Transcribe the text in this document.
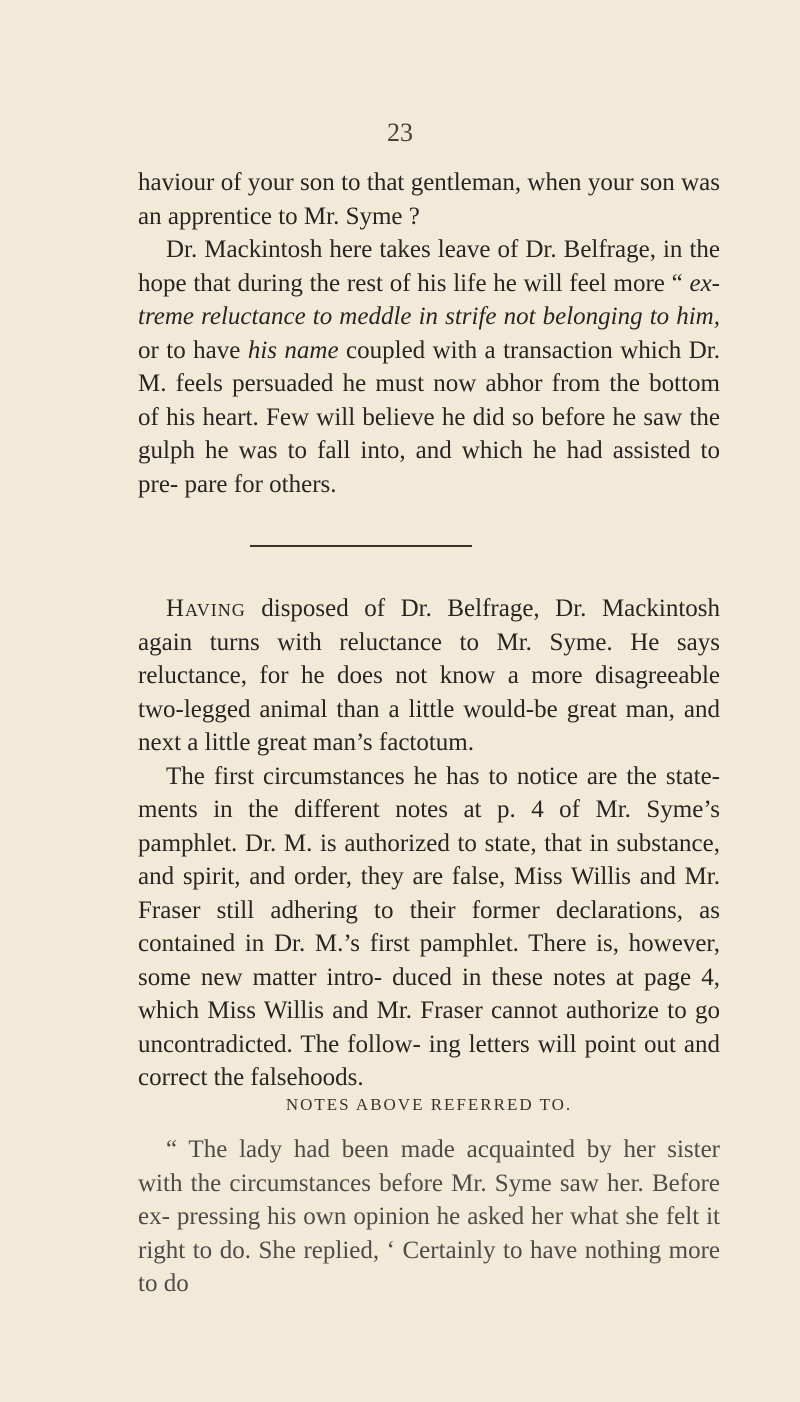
23

haviour of your son to that gentleman, when your son was an apprentice to Mr. Syme ?

Dr. Mackintosh here takes leave of Dr. Belfrage, in the hope that during the rest of his life he will feel more “ ex- treme reluctance to meddle in strife not belonging to him, or to have his name coupled with a transaction which Dr. M. feels persuaded he must now abhor from the bottom of his heart. Few will believe he did so before he saw the gulph he was to fall into, and which he had assisted to pre- pare for others.

Having disposed of Dr. Belfrage, Dr. Mackintosh again turns with reluctance to Mr. Syme. He says reluctance, for he does not know a more disagreeable two-legged animal than a little would-be great man, and next a little great man’s factotum.

The first circumstances he has to notice are the state- ments in the different notes at p. 4 of Mr. Syme’s pamphlet. Dr. M. is authorized to state, that in substance, and spirit, and order, they are false, Miss Willis and Mr. Fraser still adhering to their former declarations, as contained in Dr. M.’s first pamphlet. There is, however, some new matter intro- duced in these notes at page 4, which Miss Willis and Mr. Fraser cannot authorize to go uncontradicted. The follow- ing letters will point out and correct the falsehoods.

NOTES ABOVE REFERRED TO.

“ The lady had been made acquainted by her sister with the circumstances before Mr. Syme saw her. Before ex- pressing his own opinion he asked her what she felt it right to do. She replied, ‘ Certainly to have nothing more to do
